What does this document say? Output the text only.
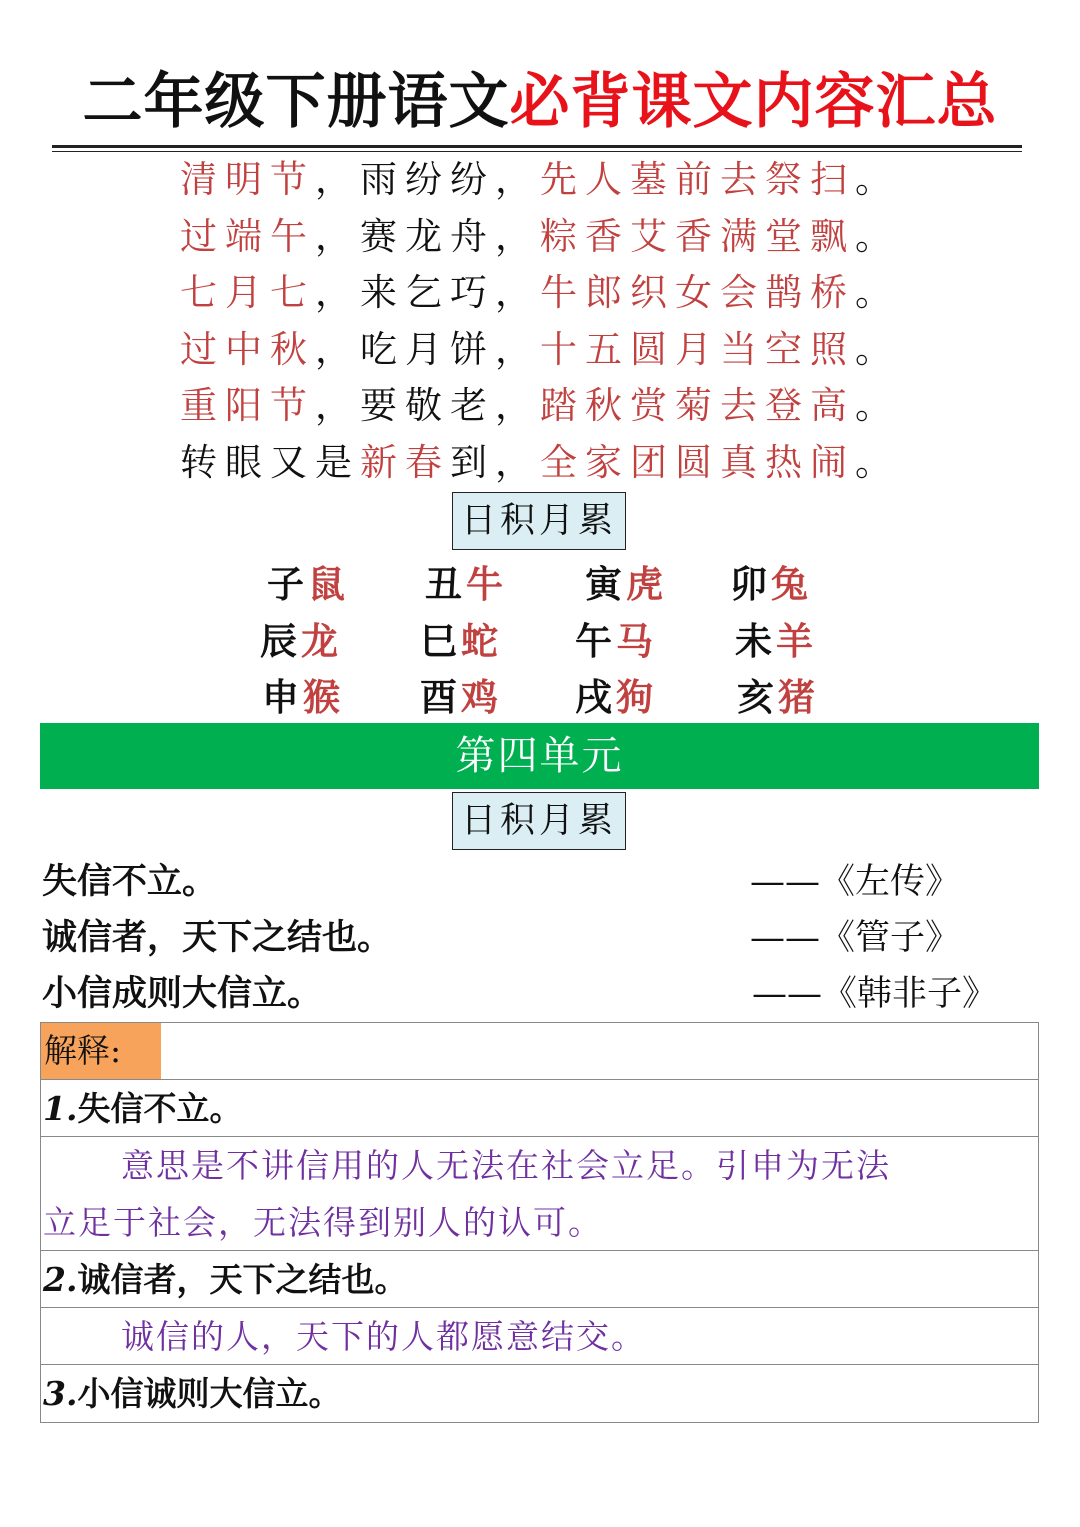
二年级下册语文必背课文内容汇总
清明节，雨纷纷，先人墓前去祭扫。
过端午，赛龙舟，粽香艾香满堂飘。
七月七，来乞巧，牛郎织女会鹊桥。
过中秋，吃月饼，十五圆月当空照。
重阳节，要敬老，踏秋赏菊去登高。
转眼又是新春到，全家团圆真热闹。
日积月累
子鼠 丑牛 寅虎 卯兔
辰龙 巳蛇 午马 未羊
申猴 酉鸡 戌狗 亥猪
第四单元
日积月累
失信不立。	——《左传》
诚信者，天下之结也。	——《管子》
小信成则大信立。	——《韩非子》
解释:
1.失信不立。
意思是不讲信用的人无法在社会立足。引申为无法
立足于社会，无法得到别人的认可。
2.诚信者，天下之结也。
诚信的人，天下的人都愿意结交。
3.小信诚则大信立。
